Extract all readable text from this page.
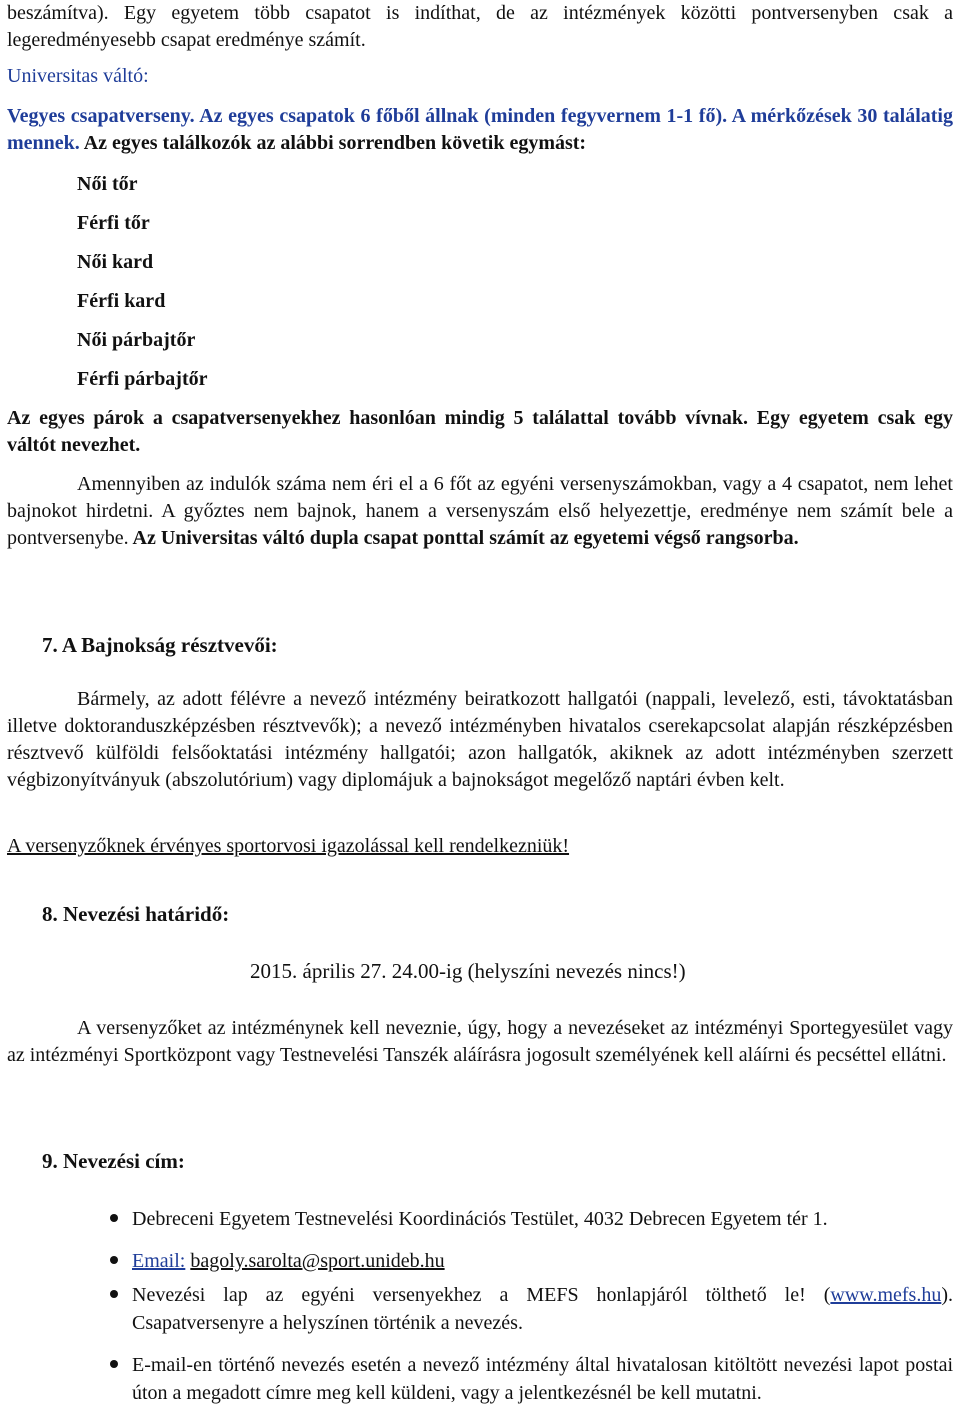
beszámítva). Egy egyetem több csapatot is indíthat, de az intézmények közötti pontversenyben csak a legeredményesebb csapat eredménye számít.

Universitas váltó:

Vegyes csapatverseny. Az egyes csapatok 6 főből állnak (minden fegyvernem 1-1 fő). A mérkőzések 30 találatig mennek. Az egyes találkozók az alábbi sorrendben követik egymást:

Női tőr

Férfi tőr

Női kard

Férfi kard

Női párbajtőr

Férfi párbajtőr

Az egyes párok a csapatversenyekhez hasonlóan mindig 5 találattal tovább vívnak. Egy egyetem csak egy váltót nevezhet.

Amennyiben az indulók száma nem éri el a 6 főt az egyéni versenyszámokban, vagy a 4 csapatot, nem lehet bajnokot hirdetni. A győztes nem bajnok, hanem a versenyszám első helyezettje, eredménye nem számít bele a pontversenybe. Az Universitas váltó dupla csapat ponttal számít az egyetemi végső rangsorba.

7. A Bajnokság résztvevői:

Bármely, az adott félévre a nevező intézmény beiratkozott hallgatói (nappali, levelező, esti, távoktatásban illetve doktoranduszképzésben résztvevők); a nevező intézményben hivatalos cserekapcsolat alapján részképzésben résztvevő külföldi felsőoktatási intézmény hallgatói; azon hallgatók, akiknek az adott intézményben szerzett végbizonyítványuk (abszolutórium) vagy diplomájuk a bajnokságot megelőző naptári évben kelt.

A versenyzőknek érvényes sportorvosi igazolással kell rendelkezniük!

8. Nevezési határidő:

2015. április 27. 24.00-ig (helyszíni nevezés nincs!)

A versenyzőket az intézménynek kell neveznie, úgy, hogy a nevezéseket az intézményi Sportegyesület vagy az intézményi Sportközpont vagy Testnevelési Tanszék aláírásra jogosult személyének kell aláírni és pecséttel ellátni.

9. Nevezési cím:

Debreceni Egyetem Testnevelési Koordinációs Testület, 4032 Debrecen Egyetem tér 1.
Email: bagoly.sarolta@sport.unideb.hu
Nevezési lap az egyéni versenyekhez a MEFS honlapjáról tölthető le! (www.mefs.hu). Csapatversenyre a helyszínen történik a nevezés.
E-mail-en történő nevezés esetén a nevező intézmény által hivatalosan kitöltött nevezési lapot postai úton a megadott címre meg kell küldeni, vagy a jelentkezésnél be kell mutatni.
